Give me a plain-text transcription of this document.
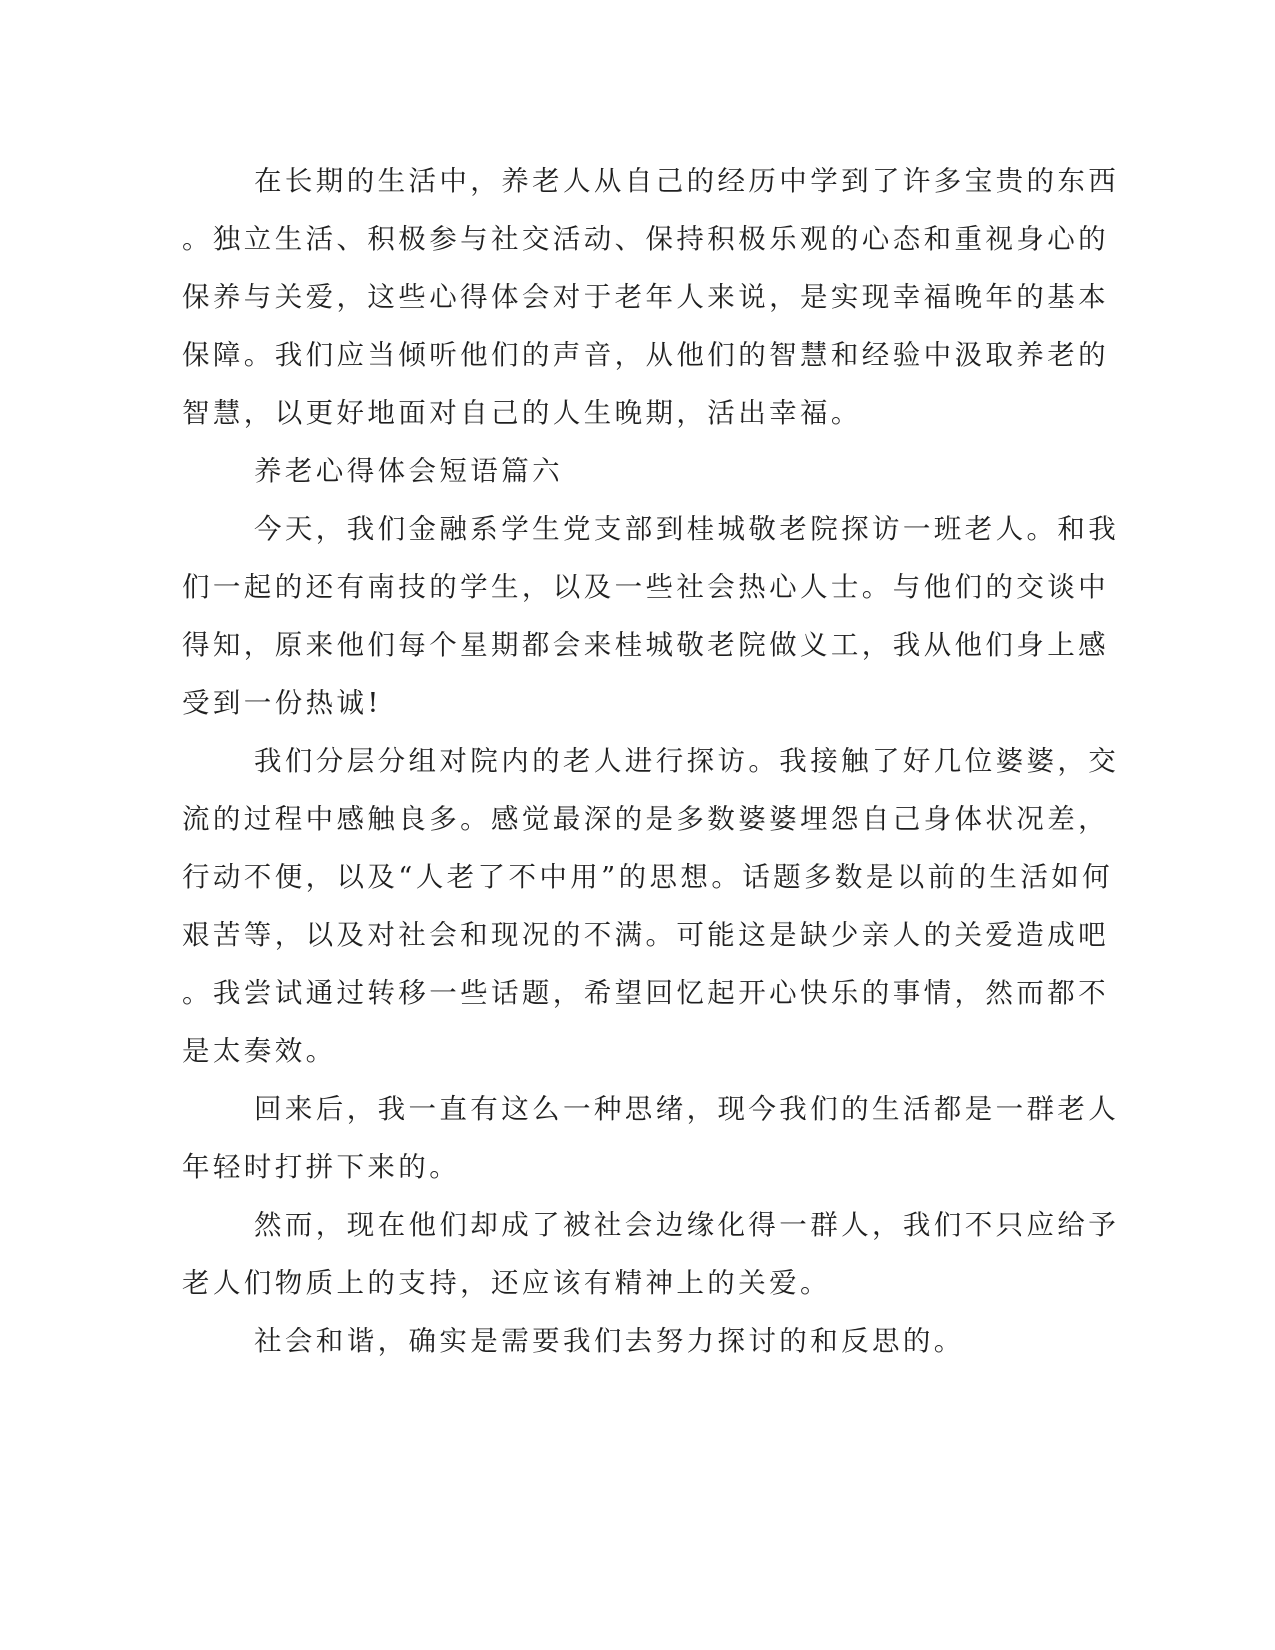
在长期的生活中，养老人从自己的经历中学到了许多宝贵的东西
。独立生活、积极参与社交活动、保持积极乐观的心态和重视身心的
保养与关爱，这些心得体会对于老年人来说，是实现幸福晚年的基本
保障。我们应当倾听他们的声音，从他们的智慧和经验中汲取养老的
智慧，以更好地面对自己的人生晚期，活出幸福。
养老心得体会短语篇六
今天，我们金融系学生党支部到桂城敬老院探访一班老人。和我
们一起的还有南技的学生，以及一些社会热心人士。与他们的交谈中
得知，原来他们每个星期都会来桂城敬老院做义工，我从他们身上感
受到一份热诚!
我们分层分组对院内的老人进行探访。我接触了好几位婆婆，交
流的过程中感触良多。感觉最深的是多数婆婆埋怨自己身体状况差，
行动不便，以及“人老了不中用”的思想。话题多数是以前的生活如何
艰苦等，以及对社会和现况的不满。可能这是缺少亲人的关爱造成吧
。我尝试通过转移一些话题，希望回忆起开心快乐的事情，然而都不
是太奏效。
回来后，我一直有这么一种思绪，现今我们的生活都是一群老人
年轻时打拼下来的。
然而，现在他们却成了被社会边缘化得一群人，我们不只应给予
老人们物质上的支持，还应该有精神上的关爱。
社会和谐，确实是需要我们去努力探讨的和反思的。
